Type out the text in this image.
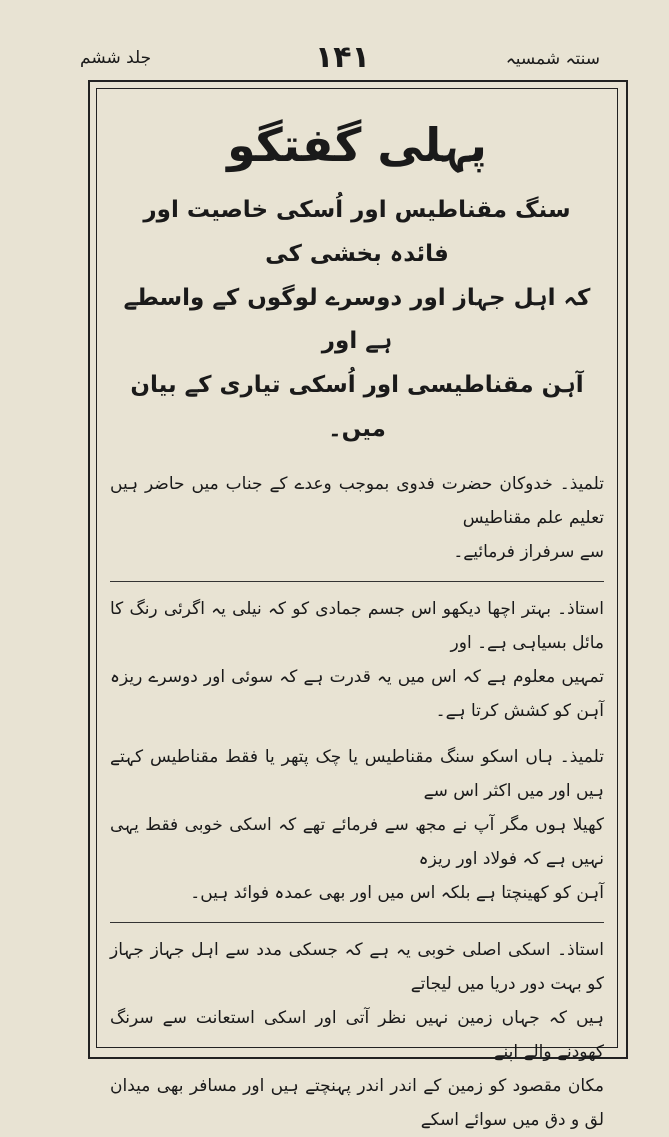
جلد ششم	۱۴۱	سنتہ شمسیہ
پہلی گفتگو
سنگ مقناطیس اور اُسکی خاصیت اور فائدہ بخشی کی
کہ اہل جہاز اور دوسرے لوگوں کے واسطے ہے اور
آہن مقناطیسی اور اُسکی تیاری کے بیان میں۔

تلمیذ۔ خدوکان حضرت فدوی بموجب وعدے کے جناب میں حاضر ہیں تعلیم علم مقناطیس

سے سرفراز فرمائیے۔

استاذ۔ بہتر اچھا دیکھو اس جسم جمادی کو کہ نیلی یہ اگرئی رنگ کا مائل بسیاہی ہے۔ اور

تمہیں معلوم ہے کہ اس میں یہ قدرت ہے کہ سوئی اور دوسرے ریزہ آہن کو کشش کرتا ہے۔

تلمیذ۔ ہاں اسکو سنگ مقناطیس یا چک پتھر یا فقط مقناطیس کہتے ہیں اور میں اکثر اس سے

کھیلا ہوں مگر آپ نے مجھ سے فرمائے تھے کہ اسکی خوبی فقط یہی نہیں ہے کہ فولاد اور ریزہ

آہن کو کھینچتا ہے بلکہ اس میں اور بھی عمدہ فوائد ہیں۔

استاذ۔ اسکی اصلی خوبی یہ ہے کہ جسکی مدد سے اہل جہاز جہاز کو بہت دور دریا میں لیجاتے

ہیں کہ جہاں زمین نہیں نظر آتی اور اسکی استعانت سے سرنگ کھودنے والے اپنے

مکان مقصود کو زمین کے اندر اندر پہنچتے ہیں اور مسافر بھی میدان لق و دق میں سوائے اسکے
